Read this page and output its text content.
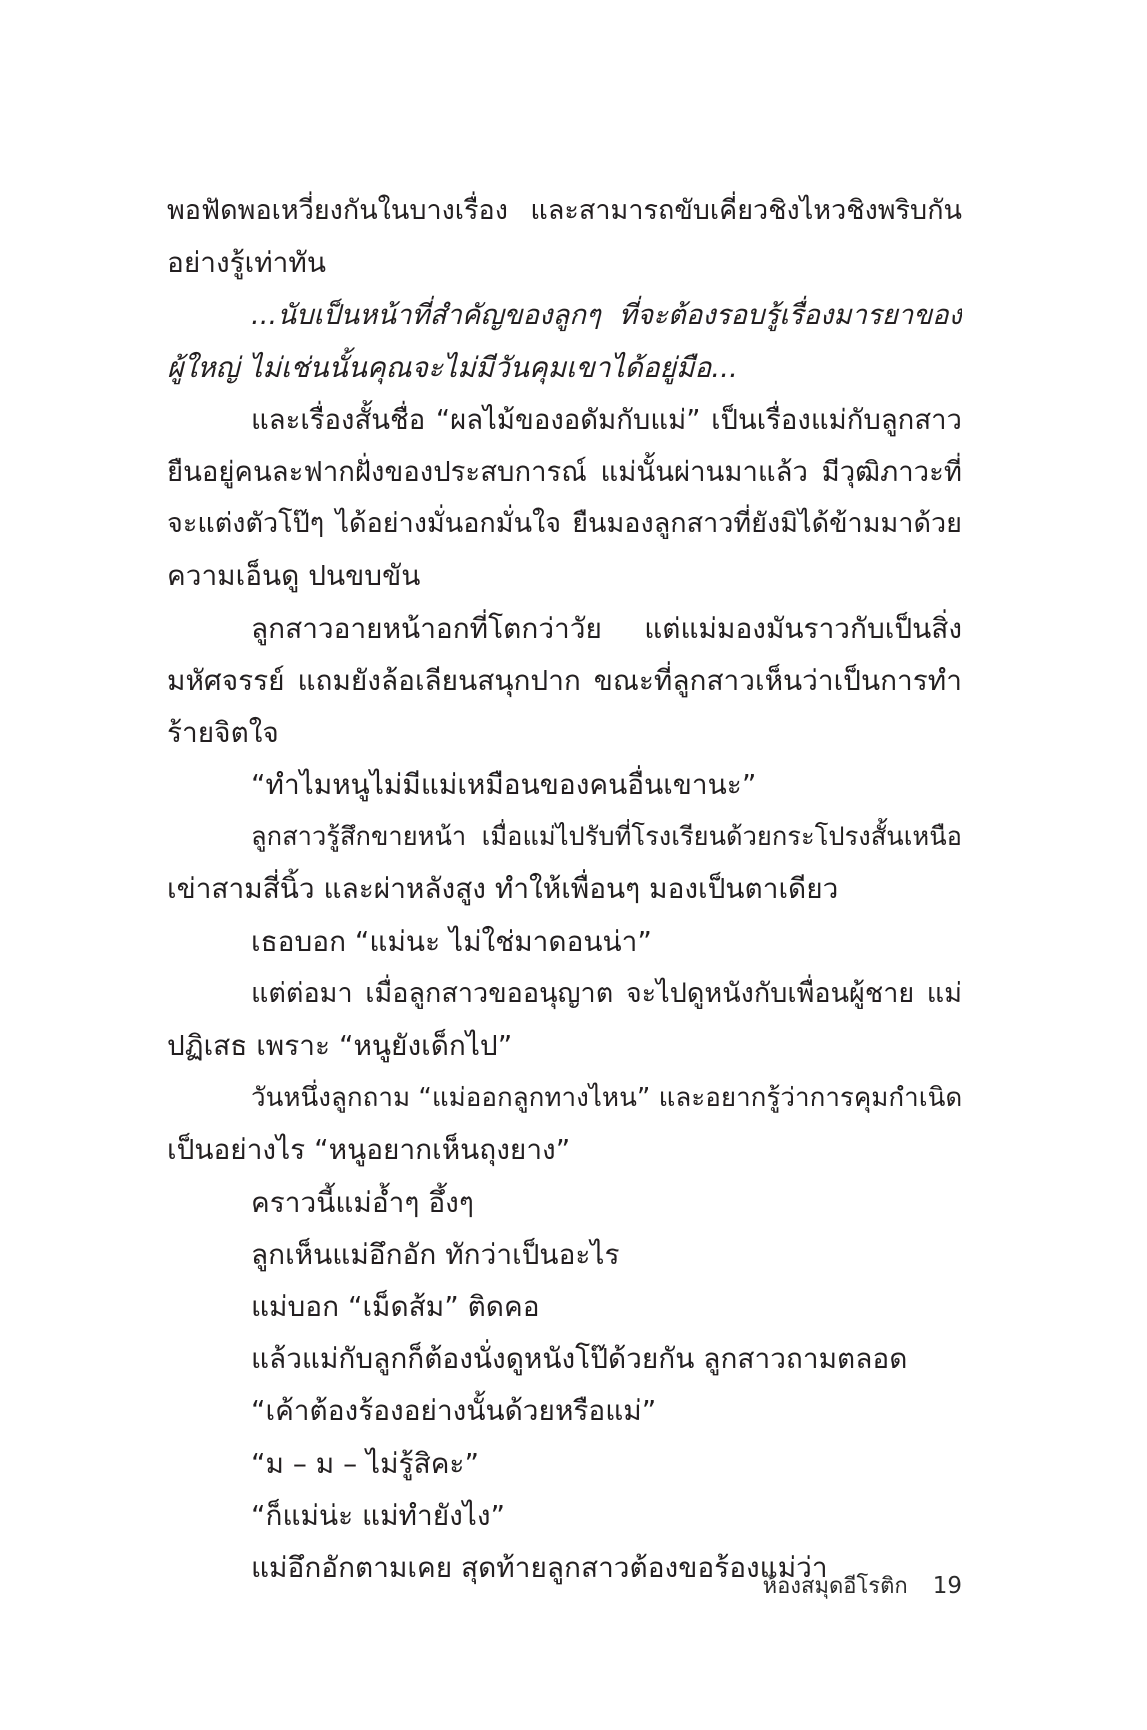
พอฟัดพอเหวี่ยงกันในบางเรื่อง และสามารถขับเคี่ยวชิงไหวชิงพริบกัน
อย่างรู้เท่าทัน
...นับเป็นหน้าที่สำคัญของลูกๆ ที่จะต้องรอบรู้เรื่องมารยาของ
ผู้ใหญ่ ไม่เช่นนั้นคุณจะไม่มีวันคุมเขาได้อยู่มือ...
และเรื่องสั้นชื่อ “ผลไม้ของอดัมกับแม่” เป็นเรื่องแม่กับลูกสาว
ยืนอยู่คนละฟากฝั่งของประสบการณ์ แม่นั้นผ่านมาแล้ว มีวุฒิภาวะที่
จะแต่งตัวโป๊ๆ ได้อย่างมั่นอกมั่นใจ ยืนมองลูกสาวที่ยังมิได้ข้ามมาด้วย
ความเอ็นดู ปนขบขัน
ลูกสาวอายหน้าอกที่โตกว่าวัย แต่แม่มองมันราวกับเป็นสิ่ง
มหัศจรรย์ แถมยังล้อเลียนสนุกปาก ขณะที่ลูกสาวเห็นว่าเป็นการทำ
ร้ายจิตใจ
“ทำไมหนูไม่มีแม่เหมือนของคนอื่นเขานะ”
ลูกสาวรู้สึกขายหน้า เมื่อแม่ไปรับที่โรงเรียนด้วยกระโปรงสั้นเหนือ
เข่าสามสี่นิ้ว และผ่าหลังสูง ทำให้เพื่อนๆ มองเป็นตาเดียว
เธอบอก “แม่นะ ไม่ใช่มาดอนน่า”
แต่ต่อมา เมื่อลูกสาวขออนุญาต จะไปดูหนังกับเพื่อนผู้ชาย แม่
ปฏิเสธ เพราะ “หนูยังเด็กไป”
วันหนึ่งลูกถาม “แม่ออกลูกทางไหน” และอยากรู้ว่าการคุมกำเนิด
เป็นอย่างไร “หนูอยากเห็นถุงยาง”
คราวนี้แม่อ้ำๆ อึ้งๆ
ลูกเห็นแม่อึกอัก ทักว่าเป็นอะไร
แม่บอก “เม็ดส้ม” ติดคอ
แล้วแม่กับลูกก็ต้องนั่งดูหนังโป๊ด้วยกัน ลูกสาวถามตลอด
“เค้าต้องร้องอย่างนั้นด้วยหรือแม่”
“ม – ม – ไม่รู้สิคะ”
“ก็แม่น่ะ แม่ทำยังไง”
แม่อึกอักตามเคย สุดท้ายลูกสาวต้องขอร้องแม่ว่า
ห้องสมุดอีโรติก 19
